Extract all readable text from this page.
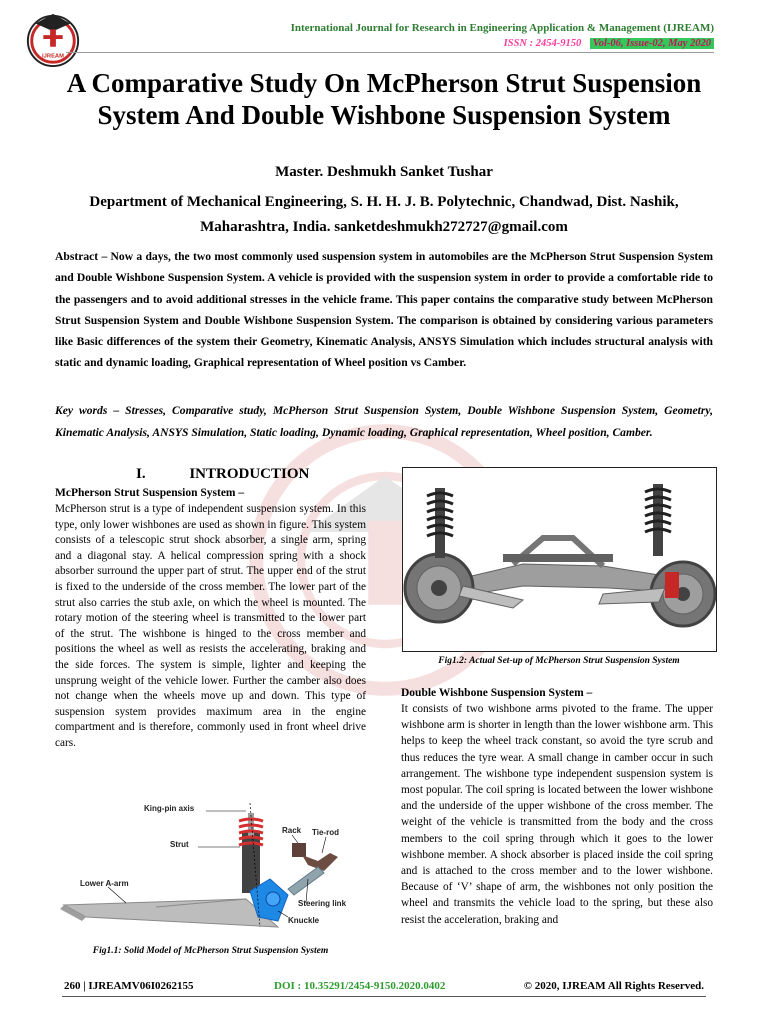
IJREAM
International Journal for Research in Engineering Application & Management (IJREAM)
ISSN : 2454-9150 Vol-06, Issue-02, May 2020
A Comparative Study On McPherson Strut Suspension System And Double Wishbone Suspension System
Master. Deshmukh Sanket Tushar
Department of Mechanical Engineering, S. H. H. J. B. Polytechnic, Chandwad, Dist. Nashik, Maharashtra, India. sanketdeshmukh272727@gmail.com
Abstract – Now a days, the two most commonly used suspension system in automobiles are the McPherson Strut Suspension System and Double Wishbone Suspension System. A vehicle is provided with the suspension system in order to provide a comfortable ride to the passengers and to avoid additional stresses in the vehicle frame. This paper contains the comparative study between McPherson Strut Suspension System and Double Wishbone Suspension System. The comparison is obtained by considering various parameters like Basic differences of the system their Geometry, Kinematic Analysis, ANSYS Simulation which includes structural analysis with static and dynamic loading, Graphical representation of Wheel position vs Camber.
Key words – Stresses, Comparative study, McPherson Strut Suspension System, Double Wishbone Suspension System, Geometry, Kinematic Analysis, ANSYS Simulation, Static loading, Dynamic loading, Graphical representation, Wheel position, Camber.
I.	INTRODUCTION
McPherson Strut Suspension System –
McPherson strut is a type of independent suspension system. In this type, only lower wishbones are used as shown in figure. This system consists of a telescopic strut shock absorber, a single arm, spring and a diagonal stay. A helical compression spring with a shock absorber surround the upper part of strut. The upper end of the strut is fixed to the underside of the cross member. The lower part of the strut also carries the stub axle, on which the wheel is mounted. The rotary motion of the steering wheel is transmitted to the lower part of the strut. The wishbone is hinged to the cross member and positions the wheel as well as resists the accelerating, braking and the side forces. The system is simple, lighter and keeping the unsprung weight of the vehicle lower. Further the camber also does not change when the wheels move up and down. This type of suspension system provides maximum area in the engine compartment and is therefore, commonly used in front wheel drive cars.
King-pin axis
Strut
Rack Tie-rod
Lower A-arm
Steering link
Knuckle
Fig1.1: Solid Model of McPherson Strut Suspension System
Fig1.2: Actual Set-up of McPherson Strut Suspension System
Double Wishbone Suspension System –
It consists of two wishbone arms pivoted to the frame. The upper wishbone arm is shorter in length than the lower wishbone arm. This helps to keep the wheel track constant, so avoid the tyre scrub and thus reduces the tyre wear. A small change in camber occur in such arrangement. The wishbone type independent suspension system is most popular. The coil spring is located between the lower wishbone and the underside of the upper wishbone of the cross member. The weight of the vehicle is transmitted from the body and the cross members to the coil spring through which it goes to the lower wishbone member. A shock absorber is placed inside the coil spring and is attached to the cross member and to the lower wishbone. Because of ‘V’ shape of arm, the wishbones not only position the wheel and transmits the vehicle load to the spring, but these also resist the acceleration, braking and
260 | IJREAMV06I0262155	DOI : 10.35291/2454-9150.2020.0402	© 2020, IJREAM All Rights Reserved.
